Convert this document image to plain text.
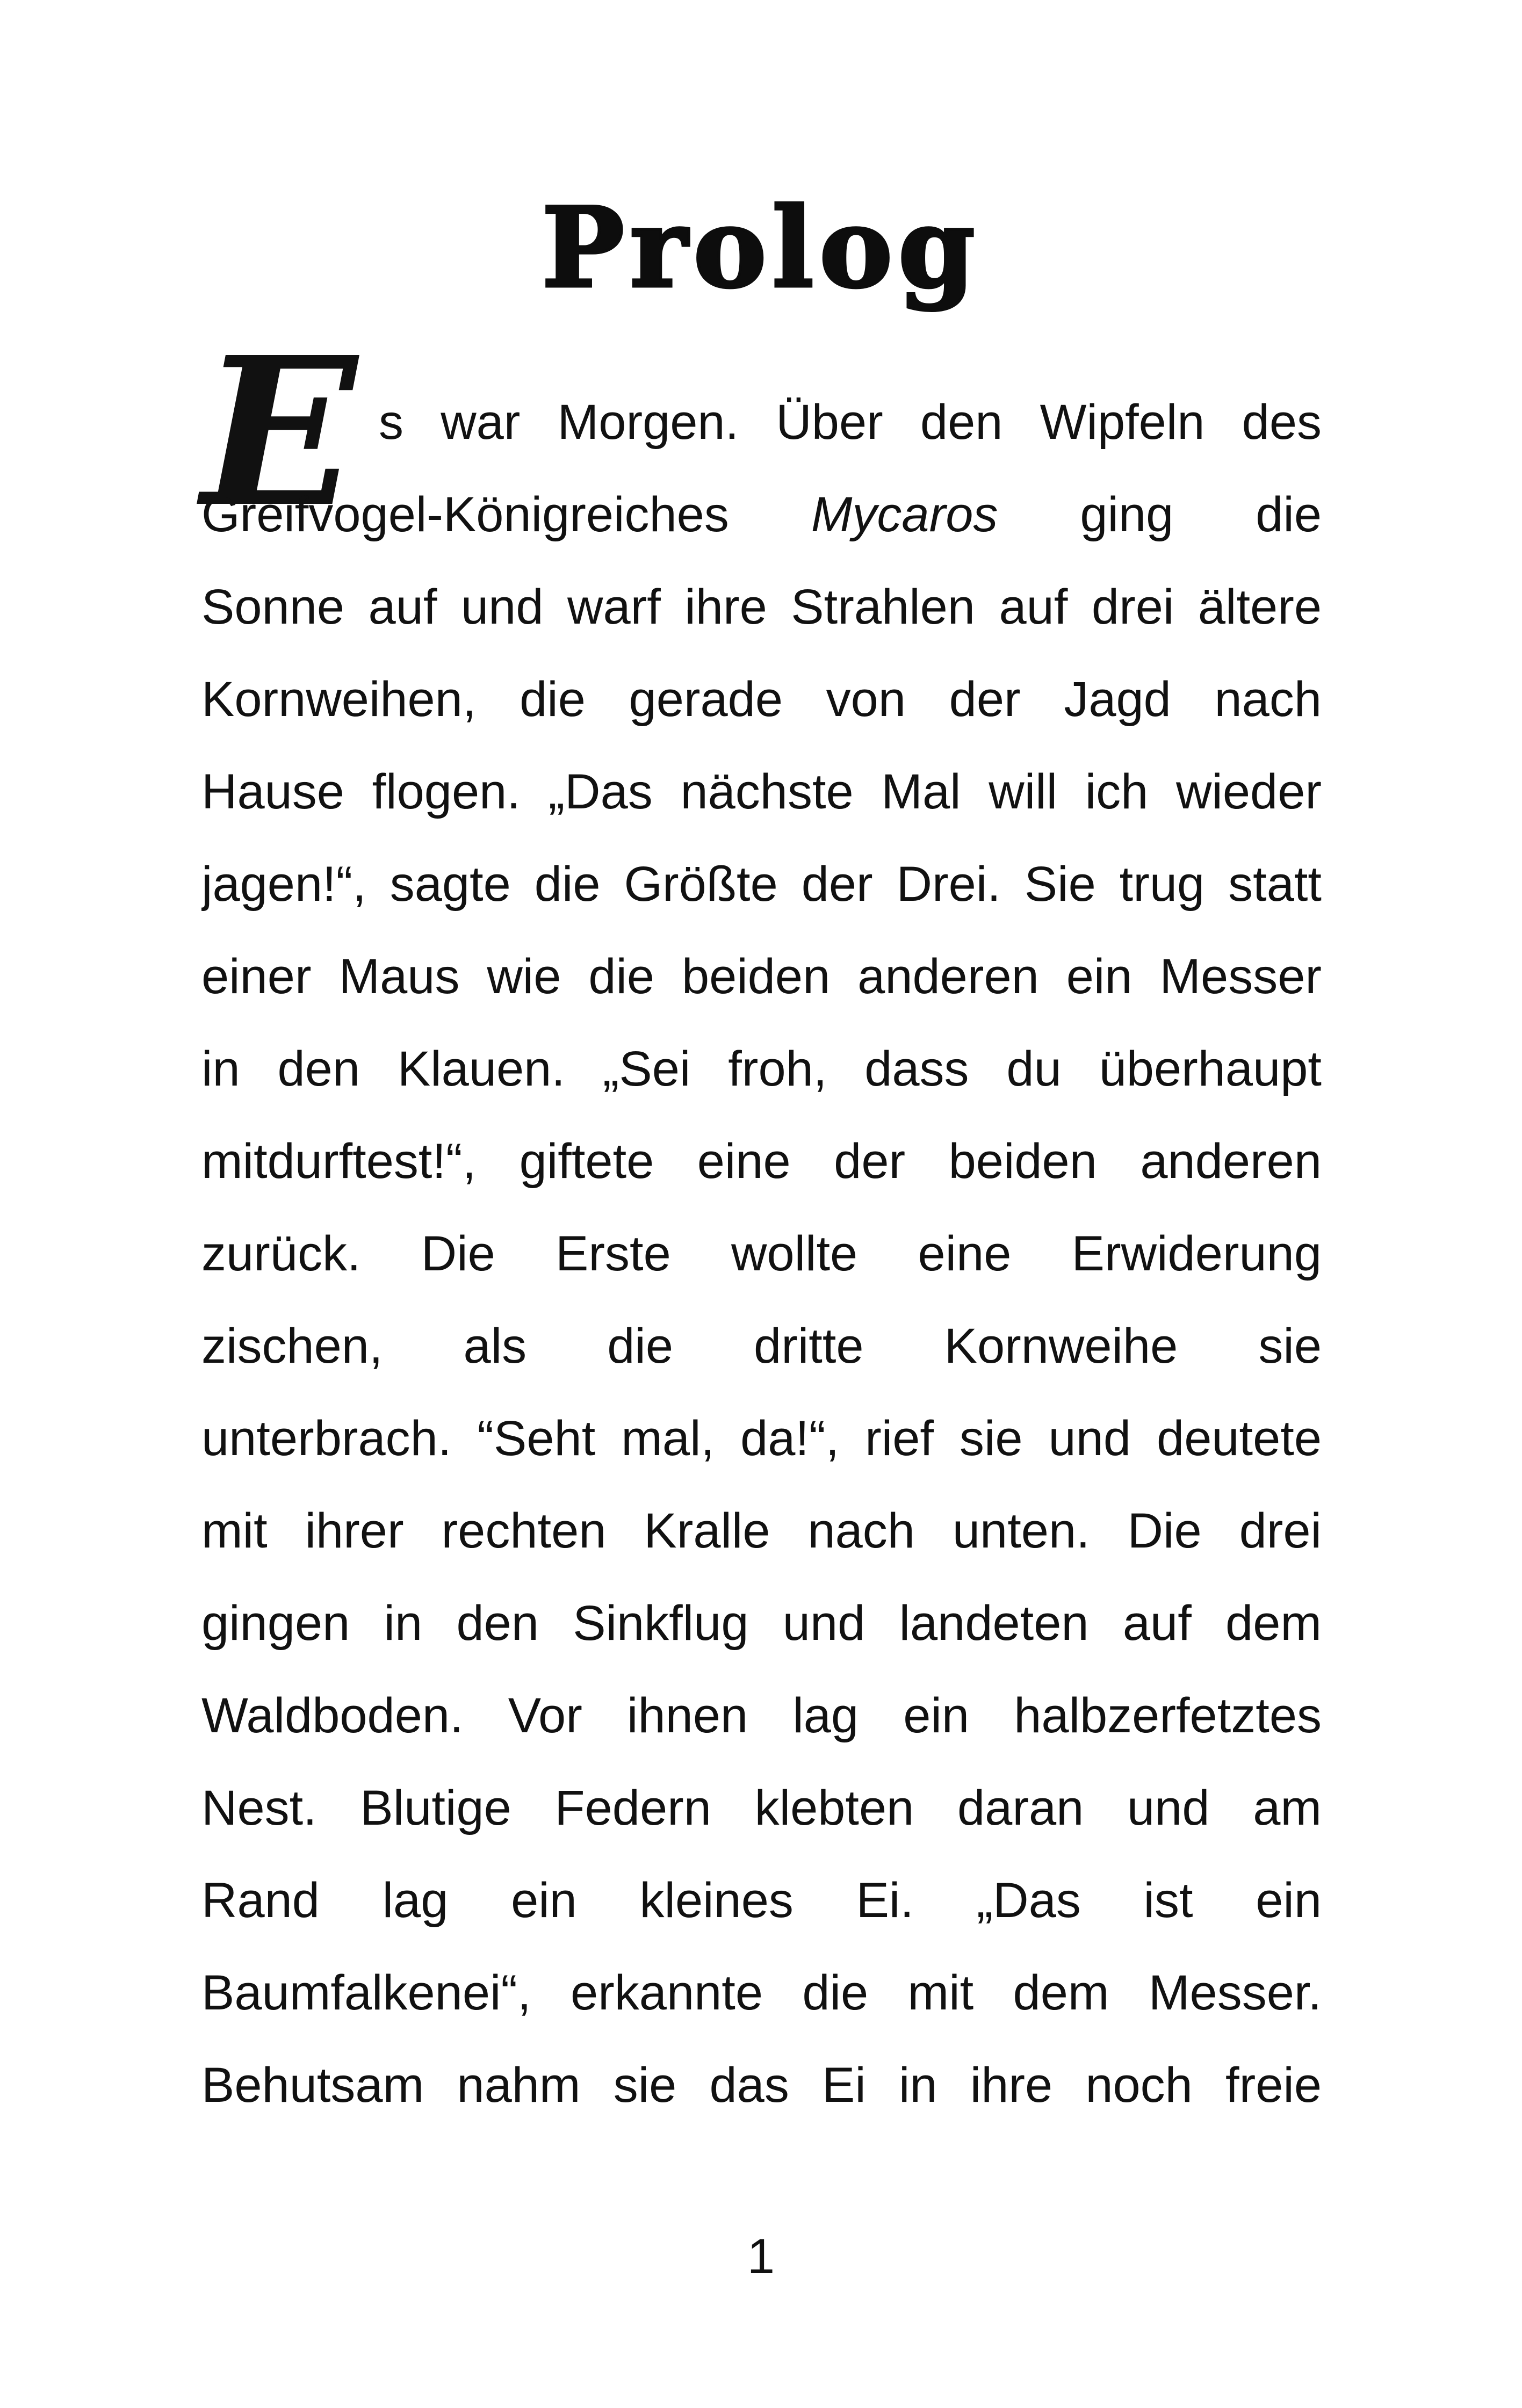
Prolog
E s war Morgen. Über den Wipfeln des
Greifvogel-Königreiches Mycaros ging die
Sonne auf und warf ihre Strahlen auf drei ältere
Kornweihen, die gerade von der Jagd nach
Hause flogen. „Das nächste Mal will ich wieder
jagen!“, sagte die Größte der Drei. Sie trug statt
einer Maus wie die beiden anderen ein Messer
in den Klauen. „Sei froh, dass du überhaupt
mitdurftest!“, giftete eine der beiden anderen
zurück. Die Erste wollte eine Erwiderung
zischen, als die dritte Kornweihe sie
unterbrach. “Seht mal, da!“, rief sie und deutete
mit ihrer rechten Kralle nach unten. Die drei
gingen in den Sinkflug und landeten auf dem
Waldboden. Vor ihnen lag ein halbzerfetztes
Nest. Blutige Federn klebten daran und am
Rand lag ein kleines Ei. „Das ist ein
Baumfalkenei“, erkannte die mit dem Messer.
Behutsam nahm sie das Ei in ihre noch freie
1
